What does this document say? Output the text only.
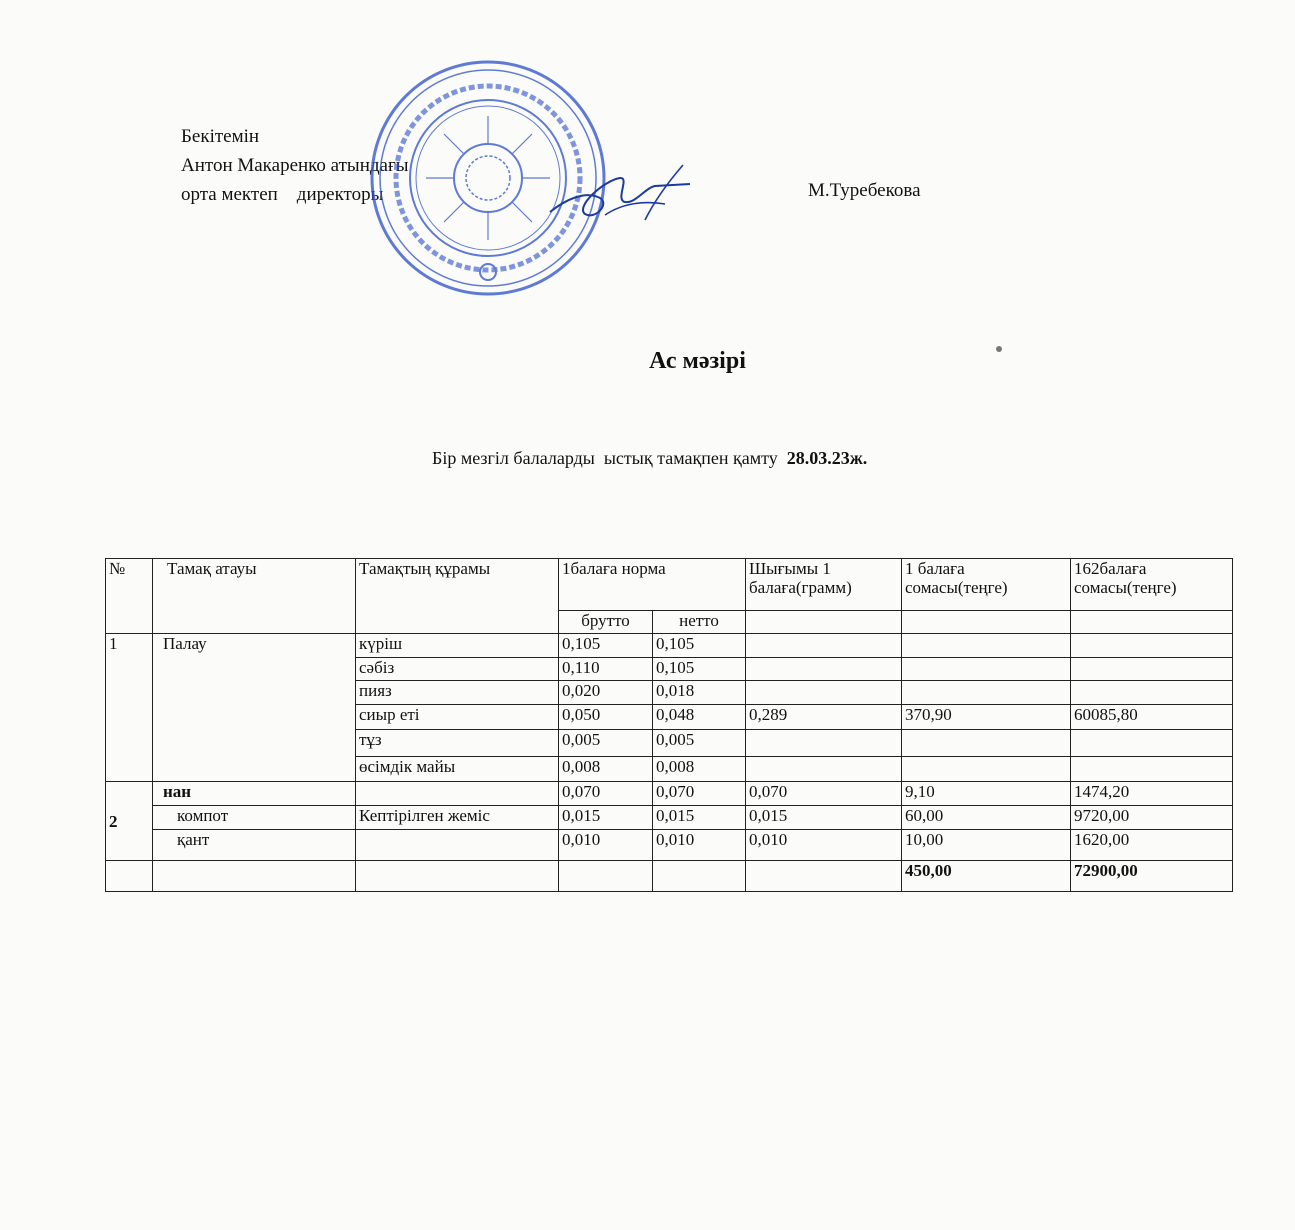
Бекітемін
Антон Макаренко атындағы
орта мектеп    директоры	М.Туребекова
Ас мәзірі
Бір мезгіл балаларды  ыстық тамақпен қамту  28.03.23ж.
№	Тамақ атауы	Тамақтың құрамы	1балаға норма		Шығымы 1 балаға(грамм)	1 балаға сомасы(теңге)	162балаға сомасы(теңге)
			брутто	нетто			
1	Палау	күріш	0,105	0,105			
		сәбіз	0,110	0,105			
		пияз	0,020	0,018			
		сиыр еті	0,050	0,048	0,289	370,90	60085,80
		тұз	0,005	0,005			
		өсімдік майы	0,008	0,008			
2	нан		0,070	0,070	0,070	9,10	1474,20
	компот	Кептірілген жеміс	0,015	0,015	0,015	60,00	9720,00
	қант		0,010	0,010	0,010	10,00	1620,00
						450,00	72900,00
